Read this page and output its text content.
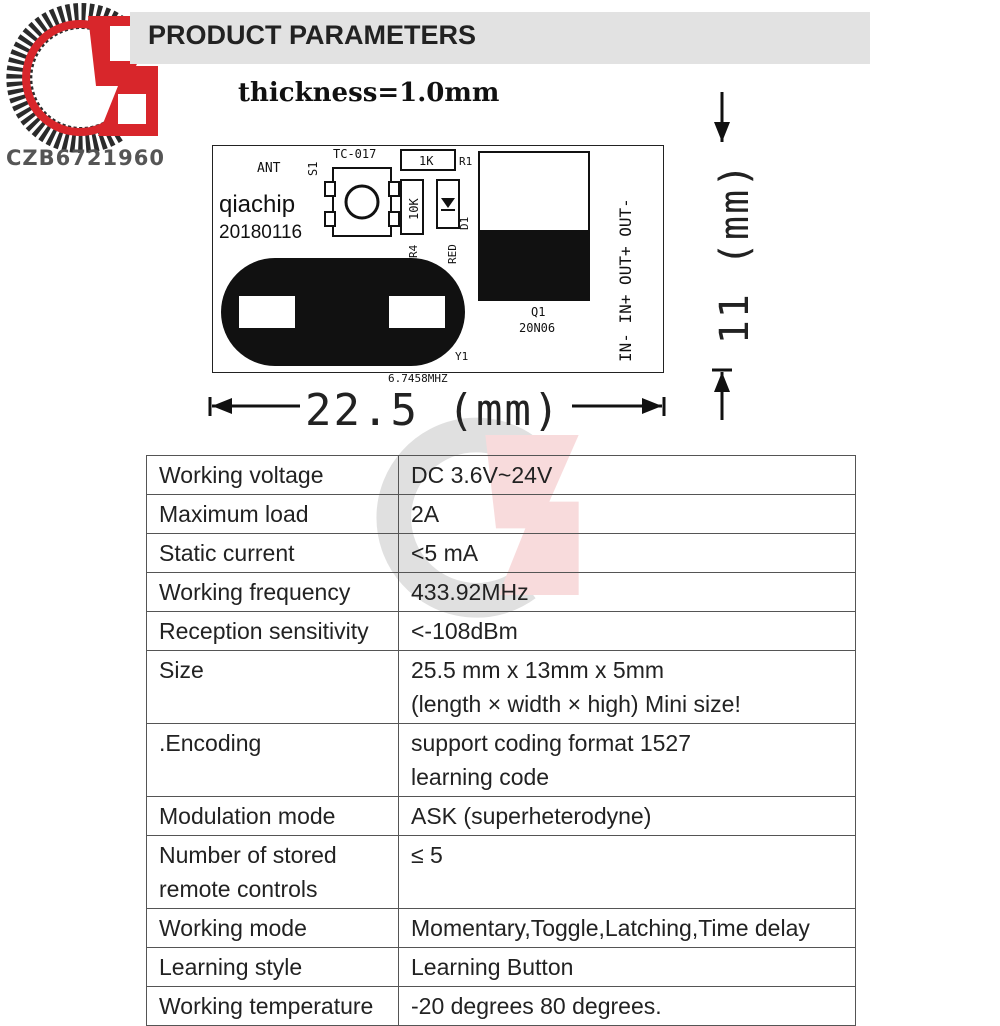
CZB6721960
PRODUCT PARAMETERS
thickness=1.0mm
ANT S1
TC-017	1K R1
qiachip
20180116
10K
R4
D1
RED
Q1
20N06
Y1	IN- IN+ OUT+ OUT-
6.7458MHZ
22.5 (mm)
11 (mm)
Working voltage	DC 3.6V~24V

Maximum load	2A

Static current	<5 mA

Working frequency	433.92MHz

Reception sensitivity	<-108dBm

Size	25.5 mm x 13mm x 5mm
(length × width × high) Mini size!

.Encoding	support coding format 1527
learning code

Modulation mode	ASK (superheterodyne)

Number of stored
remote controls	≤ 5

Working mode	Momentary,Toggle,Latching,Time delay

Learning style	Learning Button

Working temperature	-20 degrees 80 degrees.
